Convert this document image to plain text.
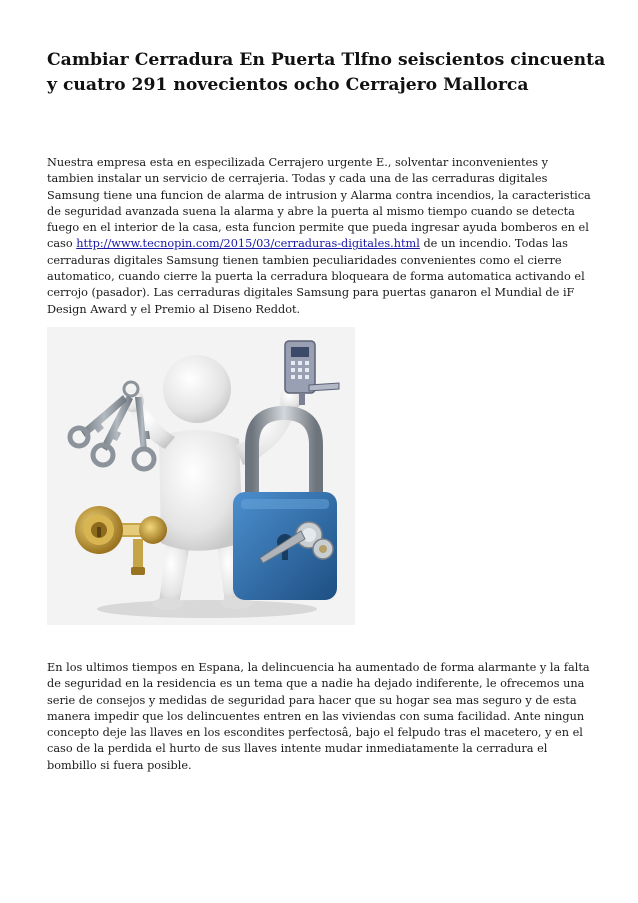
Cambiar Cerradura En Puerta Tlfno seiscientos cincuenta y cuatro 291 novecientos ocho Cerrajero Mallorca

Nuestra empresa esta en especilizada Cerrajero urgente E., solventar inconvenientes y tambien instalar un servicio de cerrajeria. Todas y cada una de las cerraduras digitales Samsung tiene una funcion de alarma de intrusion y Alarma contra incendios, la caracteristica de seguridad avanzada suena la alarma y abre la puerta al mismo tiempo cuando se detecta fuego en el interior de la casa, esta funcion permite que pueda ingresar ayuda bomberos en el caso http://www.tecnopin.com/2015/03/cerraduras-digitales.html de un incendio. Todas las cerraduras digitales Samsung tienen tambien peculiaridades convenientes como el cierre automatico, cuando cierre la puerta la cerradura bloqueara de forma automatica activando el cerrojo (pasador). Las cerraduras digitales Samsung para puertas ganaron el Mundial de iF Design Award y el Premio al Diseno Reddot.

En los ultimos tiempos en Espana, la delincuencia ha aumentado de forma alarmante y la falta de seguridad en la residencia es un tema que a nadie ha dejado indiferente, le ofrecemos una serie de consejos y medidas de seguridad para hacer que su hogar sea mas seguro y de esta manera impedir que los delincuentes entren en las viviendas con suma facilidad. Ante ningun concepto deje las llaves en los escondites perfectosâ, bajo el felpudo tras el macetero, y en el caso de la perdida el hurto de sus llaves intente mudar inmediatamente la cerradura el bombillo si fuera posible.
